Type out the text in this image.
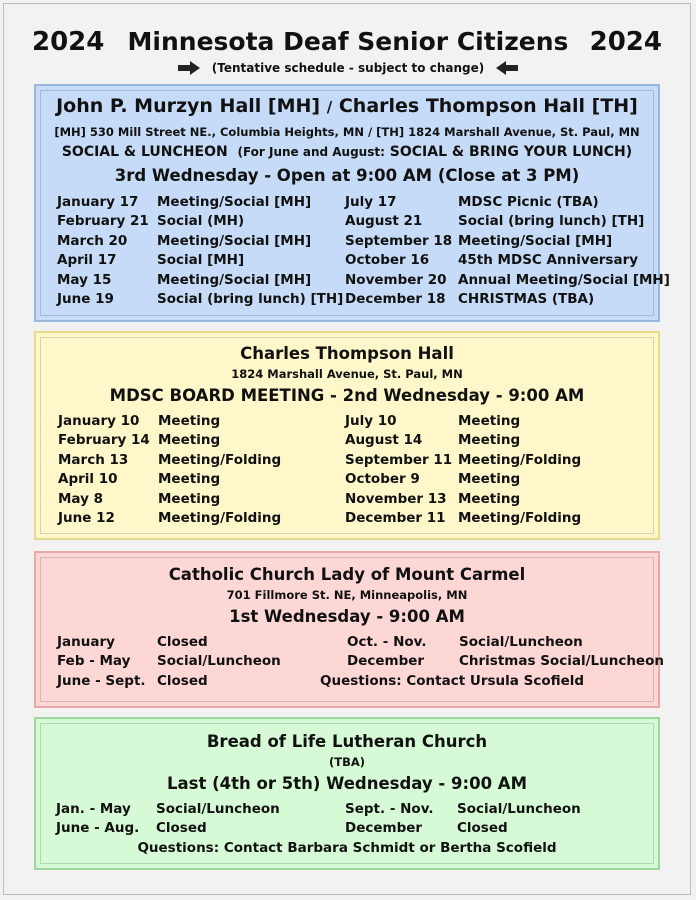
2024 Minnesota Deaf Senior Citizens 2024
(Tentative schedule - subject to change)
John P. Murzyn Hall [MH] / Charles Thompson Hall [TH]
[MH] 530 Mill Street NE., Columbia Heights, MN / [TH] 1824 Marshall Avenue, St. Paul, MN
SOCIAL & LUNCHEON (For June and August: SOCIAL & BRING YOUR LUNCH)
3rd Wednesday - Open at 9:00 AM (Close at 3 PM)
January 17 Meeting/Social [MH]	July 17	MDSC Picnic (TBA)
February 21 Social (MH)	August 21	Social (bring lunch) [TH]
March 20 Meeting/Social [MH]	September 18 Meeting/Social [MH]
April 17	Social [MH]	October 16 45th MDSC Anniversary
May 15	Meeting/Social [MH]	November 20 Annual Meeting/Social [MH]
June 19	Social (bring lunch) [TH] December 18 CHRISTMAS (TBA)
Charles Thompson Hall
1824 Marshall Avenue, St. Paul, MN
MDSC BOARD MEETING - 2nd Wednesday - 9:00 AM
January 10 Meeting	July 10	Meeting
February 14 Meeting	August 14	Meeting
March 13 Meeting/Folding	September 11 Meeting/Folding
April 10	Meeting	October 9	Meeting
May 8	Meeting	November 13 Meeting
June 12	Meeting/Folding	December 11 Meeting/Folding
Catholic Church Lady of Mount Carmel
701 Fillmore St. NE, Minneapolis, MN
1st Wednesday - 9:00 AM
January	Closed	Oct. - Nov. Social/Luncheon
Feb - May Social/Luncheon	December	Christmas Social/Luncheon
June - Sept. Closed	Questions: Contact Ursula Scofield
Bread of Life Lutheran Church
(TBA)
Last (4th or 5th) Wednesday - 9:00 AM
Jan. - May Social/Luncheon	Sept. - Nov. Social/Luncheon
June - Aug. Closed	December	Closed
Questions: Contact Barbara Schmidt or Bertha Scofield
